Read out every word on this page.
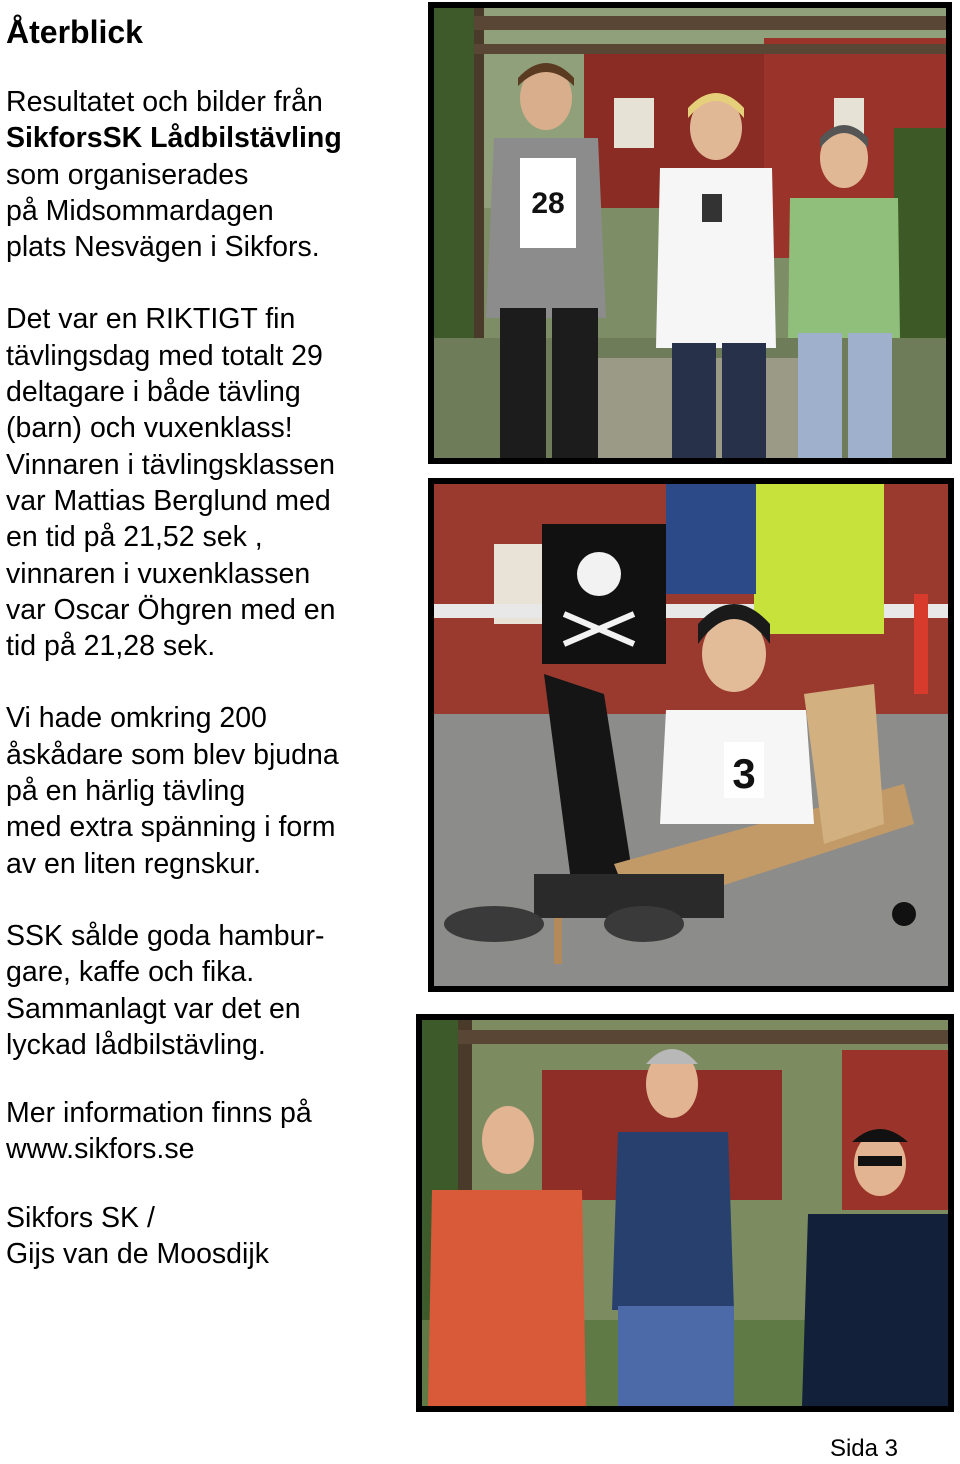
Återblick

Resultatet och bilder från
SikforsSK Lådbilstävling
som organiserades
på Midsommardagen
plats Nesvägen i Sikfors.

Det var en RIKTIGT fin
tävlingsdag med totalt 29
deltagare i både tävling
(barn) och vuxenklass!
Vinnaren i tävlingsklassen
var Mattias Berglund med
en tid på 21,52 sek ,
vinnaren i vuxenklassen
var Oscar Öhgren med en
tid på 21,28 sek.

Vi hade omkring 200
åskådare som blev bjudna
på en härlig tävling
med extra spänning i form
av en liten regnskur.

SSK sålde goda hambur-
gare, kaffe och fika.
Sammanlagt var det en
lyckad lådbilstävling.

Mer information finns på
www.sikfors.se

Sikfors SK /
Gijs van de Moosdijk

28
3
Sida 3
